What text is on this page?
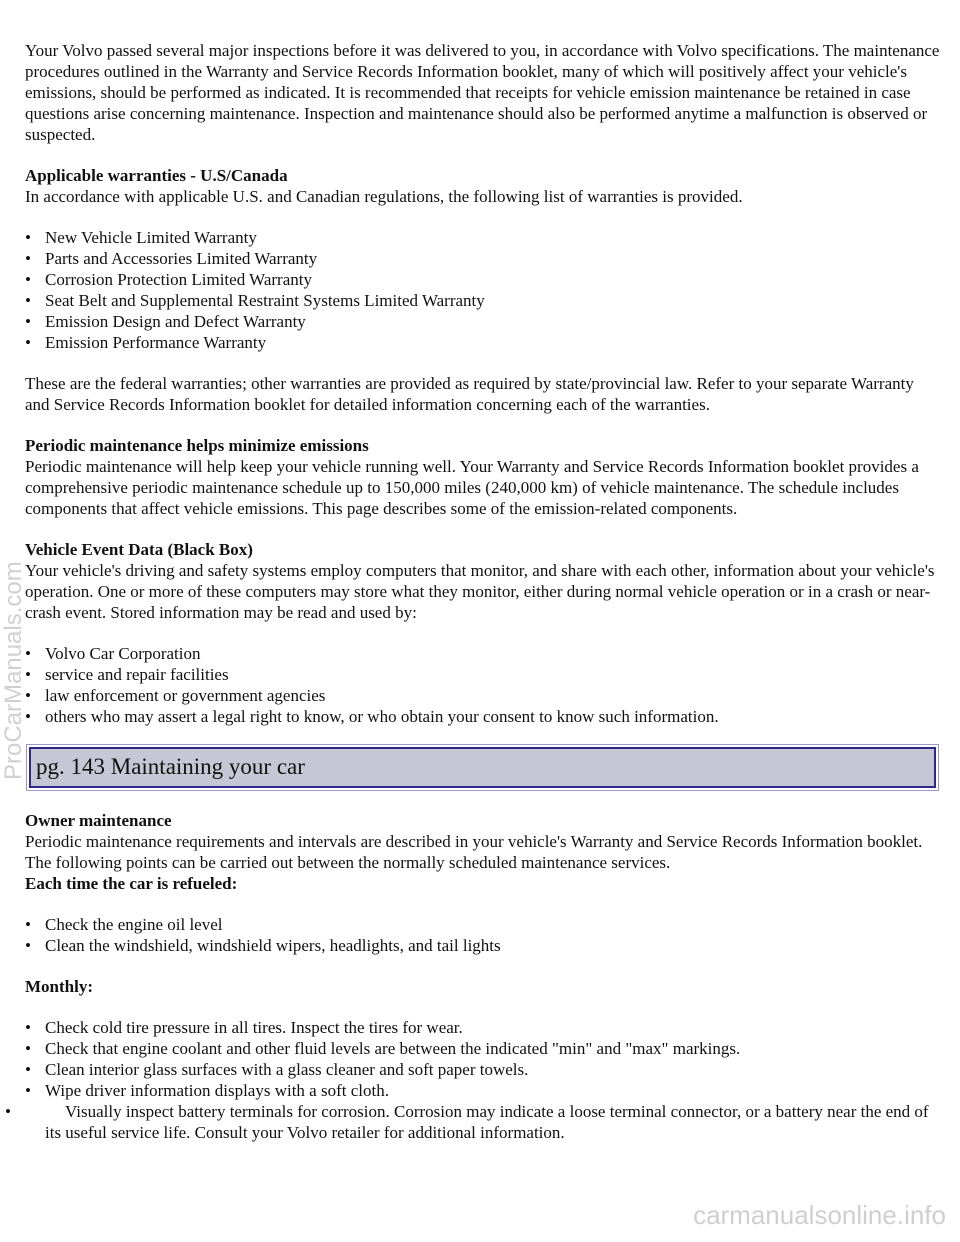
Your Volvo passed several major inspections before it was delivered to you, in accordance with Volvo specifications. The maintenance procedures outlined in the Warranty and Service Records Information booklet, many of which will positively affect your vehicle's emissions, should be performed as indicated. It is recommended that receipts for vehicle emission maintenance be retained in case questions arise concerning maintenance. Inspection and maintenance should also be performed anytime a malfunction is observed or suspected.

Applicable warranties - U.S/Canada
In accordance with applicable U.S. and Canadian regulations, the following list of warranties is provided.

• New Vehicle Limited Warranty
• Parts and Accessories Limited Warranty
• Corrosion Protection Limited Warranty
• Seat Belt and Supplemental Restraint Systems Limited Warranty
• Emission Design and Defect Warranty
• Emission Performance Warranty

These are the federal warranties; other warranties are provided as required by state/provincial law. Refer to your separate Warranty and Service Records Information booklet for detailed information concerning each of the warranties.

Periodic maintenance helps minimize emissions
Periodic maintenance will help keep your vehicle running well. Your Warranty and Service Records Information booklet provides a comprehensive periodic maintenance schedule up to 150,000 miles (240,000 km) of vehicle maintenance. The schedule includes components that affect vehicle emissions. This page describes some of the emission-related components.

Vehicle Event Data (Black Box)
Your vehicle's driving and safety systems employ computers that monitor, and share with each other, information about your vehicle's operation. One or more of these computers may store what they monitor, either during normal vehicle operation or in a crash or near-crash event. Stored information may be read and used by:

• Volvo Car Corporation
• service and repair facilities
• law enforcement or government agencies
• others who may assert a legal right to know, or who obtain your consent to know such information.
pg. 143 Maintaining your car

Owner maintenance
Periodic maintenance requirements and intervals are described in your vehicle's Warranty and Service Records Information booklet.
The following points can be carried out between the normally scheduled maintenance services.
Each time the car is refueled:

• Check the engine oil level
• Clean the windshield, windshield wipers, headlights, and tail lights

Monthly:

• Check cold tire pressure in all tires. Inspect the tires for wear.
• Check that engine coolant and other fluid levels are between the indicated "min" and "max" markings.
• Clean interior glass surfaces with a glass cleaner and soft paper towels.
• Wipe driver information displays with a soft cloth.
• Visually inspect battery terminals for corrosion. Corrosion may indicate a loose terminal connector, or a battery near the end of its useful service life. Consult your Volvo retailer for additional information.
ProCarManuals.com
carmanualsonline.info
